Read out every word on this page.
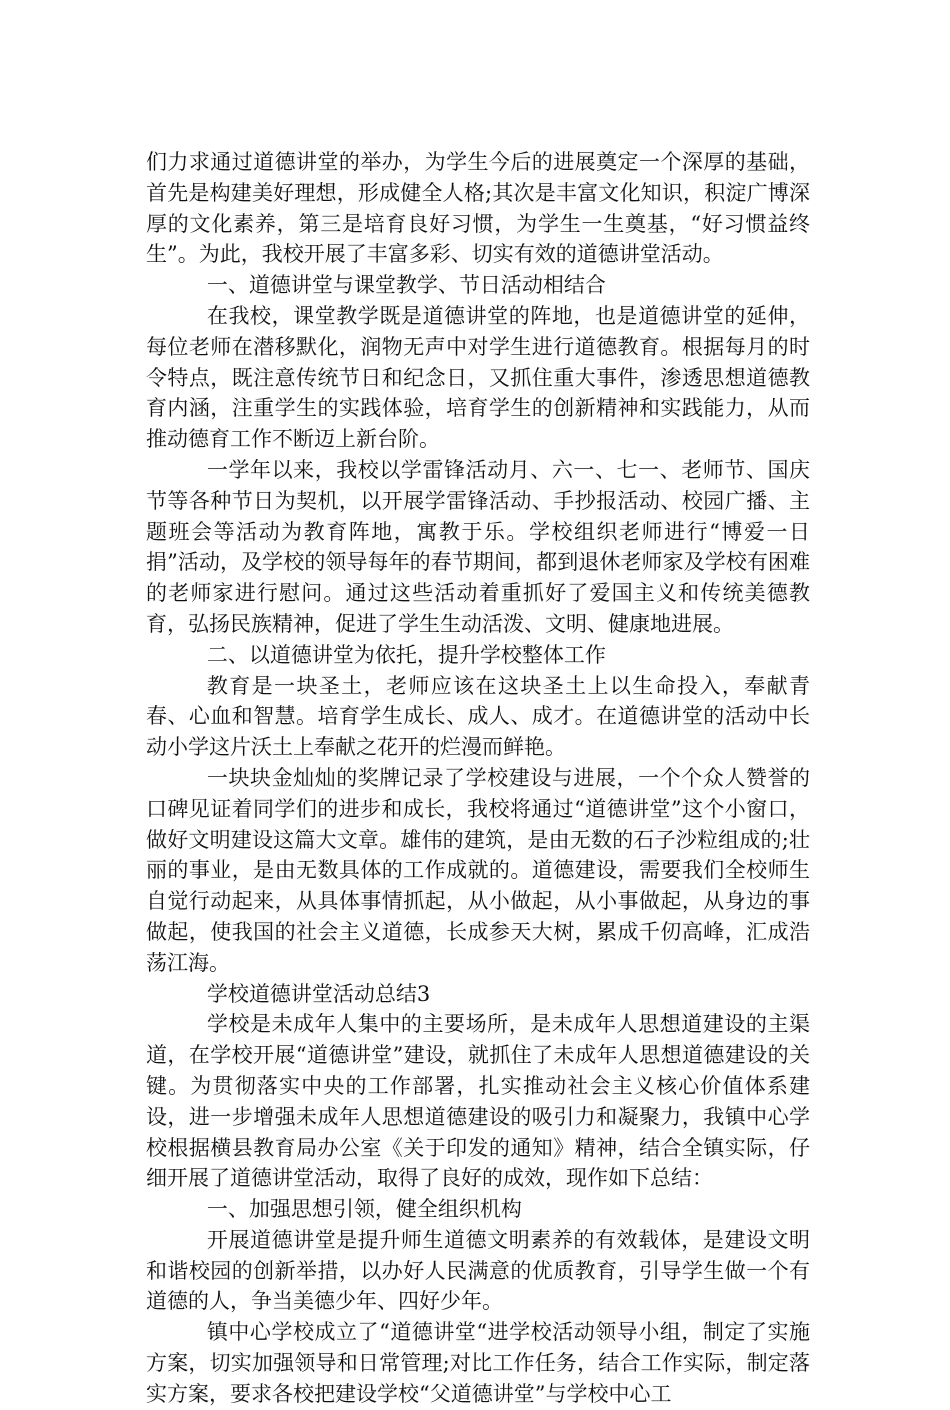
们力求通过道德讲堂的举办，为学生今后的进展奠定一个深厚的基础，首先是构建美好理想，形成健全人格;其次是丰富文化知识，积淀广博深厚的文化素养，第三是培育良好习惯，为学生一生奠基，“好习惯益终生”。为此，我校开展了丰富多彩、切实有效的道德讲堂活动。

一、道德讲堂与课堂教学、节日活动相结合

在我校，课堂教学既是道德讲堂的阵地，也是道德讲堂的延伸，每位老师在潜移默化，润物无声中对学生进行道德教育。根据每月的时令特点，既注意传统节日和纪念日，又抓住重大事件，渗透思想道德教育内涵，注重学生的实践体验，培育学生的创新精神和实践能力，从而推动德育工作不断迈上新台阶。

一学年以来，我校以学雷锋活动月、六一、七一、老师节、国庆节等各种节日为契机，以开展学雷锋活动、手抄报活动、校园广播、主题班会等活动为教育阵地，寓教于乐。学校组织老师进行“博爱一日捐”活动，及学校的领导每年的春节期间，都到退休老师家及学校有困难的老师家进行慰问。通过这些活动着重抓好了爱国主义和传统美德教育，弘扬民族精神，促进了学生生动活泼、文明、健康地进展。

二、以道德讲堂为依托，提升学校整体工作

教育是一块圣土，老师应该在这块圣土上以生命投入，奉献青春、心血和智慧。培育学生成长、成人、成才。在道德讲堂的活动中长动小学这片沃土上奉献之花开的烂漫而鲜艳。

一块块金灿灿的奖牌记录了学校建设与进展，一个个众人赞誉的口碑见证着同学们的进步和成长，我校将通过“道德讲堂”这个小窗口，做好文明建设这篇大文章。雄伟的建筑，是由无数的石子沙粒组成的;壮丽的事业，是由无数具体的工作成就的。道德建设，需要我们全校师生自觉行动起来，从具体事情抓起，从小做起，从小事做起，从身边的事做起，使我国的社会主义道德，长成参天大树，累成千仞高峰，汇成浩荡江海。

学校道德讲堂活动总结3

学校是未成年人集中的主要场所，是未成年人思想道建设的主渠道，在学校开展“道德讲堂”建设，就抓住了未成年人思想道德建设的关键。为贯彻落实中央的工作部署，扎实推动社会主义核心价值体系建设，进一步增强未成年人思想道德建设的吸引力和凝聚力，我镇中心学校根据横县教育局办公室《关于印发的通知》精神，结合全镇实际，仔细开展了道德讲堂活动，取得了良好的成效，现作如下总结：

一、加强思想引领，健全组织机构

开展道德讲堂是提升师生道德文明素养的有效载体，是建设文明和谐校园的创新举措，以办好人民满意的优质教育，引导学生做一个有道德的人，争当美德少年、四好少年。

镇中心学校成立了“道德讲堂“进学校活动领导小组，制定了实施方案，切实加强领导和日常管理;对比工作任务，结合工作实际，制定落实方案，要求各校把建设学校“父道德讲堂”与学校中心工
